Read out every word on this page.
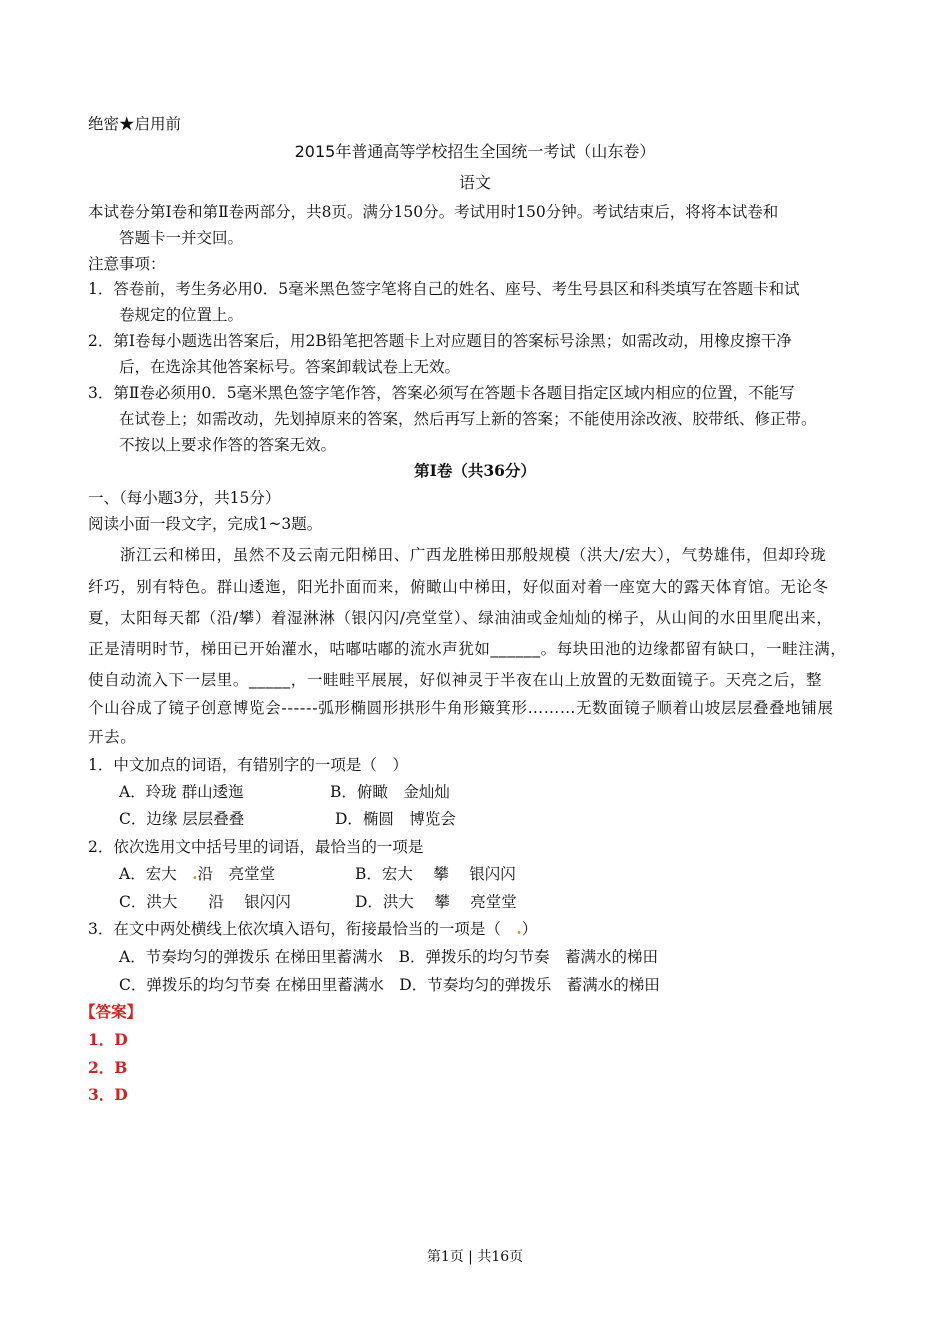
绝密★启用前
2015年普通高等学校招生全国统一考试（山东卷）
语文
本试卷分第Ⅰ卷和第Ⅱ卷两部分，共8页。满分150分。考试用时150分钟。考试结束后，将将本试卷和
答题卡一并交回。
注意事项：
1．答卷前，考生务必用0．5毫米黑色签字笔将自己的姓名、座号、考生号县区和科类填写在答题卡和试
卷规定的位置上。
2．第Ⅰ卷每小题选出答案后，用2B铅笔把答题卡上对应题目的答案标号涂黑；如需改动，用橡皮擦干净
后，在选涂其他答案标号。答案卸载试卷上无效。
3．第Ⅱ卷必须用0．5毫米黑色签字笔作答，答案必须写在答题卡各题目指定区域内相应的位置，不能写
在试卷上；如需改动，先划掉原来的答案，然后再写上新的答案；不能使用涂改液、胶带纸、修正带。
不按以上要求作答的答案无效。
第Ⅰ卷（共36分）
一、（每小题3分，共15分）
阅读小面一段文字，完成1~3题。
浙江云和梯田，虽然不及云南元阳梯田、广西龙胜梯田那般规模（洪大/宏大），气势雄伟，但却玲珑
纤巧，别有特色。群山逶迤，阳光扑面而来，俯瞰山中梯田，好似面对着一座宽大的露天体育馆。无论冬
夏，太阳每天都（沿/攀）着湿淋淋（银闪闪/亮堂堂）、绿油油或金灿灿的梯子，从山间的水田里爬出来，
正是清明时节，梯田已开始灌水，咕嘟咕嘟的流水声犹如______。每块田池的边缘都留有缺口，一畦注满，
使自动流入下一层里。_____，一畦畦平展展，好似神灵于半夜在山上放置的无数面镜子。天亮之后，整
个山谷成了镜子创意博览会------弧形椭圆形拱形牛角形簸箕形………无数面镜子顺着山坡层层叠叠地铺展
开去。
1．中文加点的词语，有错别字的一项是（　）
A．玲珑 群山逶迤	B．俯瞰　金灿灿
C．边缘 层层叠叠	D．椭圆　博览会
2．依次选用文中括号里的词语，最恰当的一项是
A．宏大　.沿　亮堂堂	B．宏大　 攀　 银闪闪
C．洪大　　沿　 银闪闪	D．洪大　 攀　 亮堂堂
3．在文中两处横线上依次填入语句，衔接最恰当的一项是（　.）
A．节奏均匀的弹拨乐 在梯田里蓄满水　B．弹拨乐的均匀节奏　蓄满水的梯田
C．弹拨乐的均匀节奏 在梯田里蓄满水　D．节奏均匀的弹拨乐　蓄满水的梯田
【答案】
1．D
2．B
3．D
第1页 | 共16页
